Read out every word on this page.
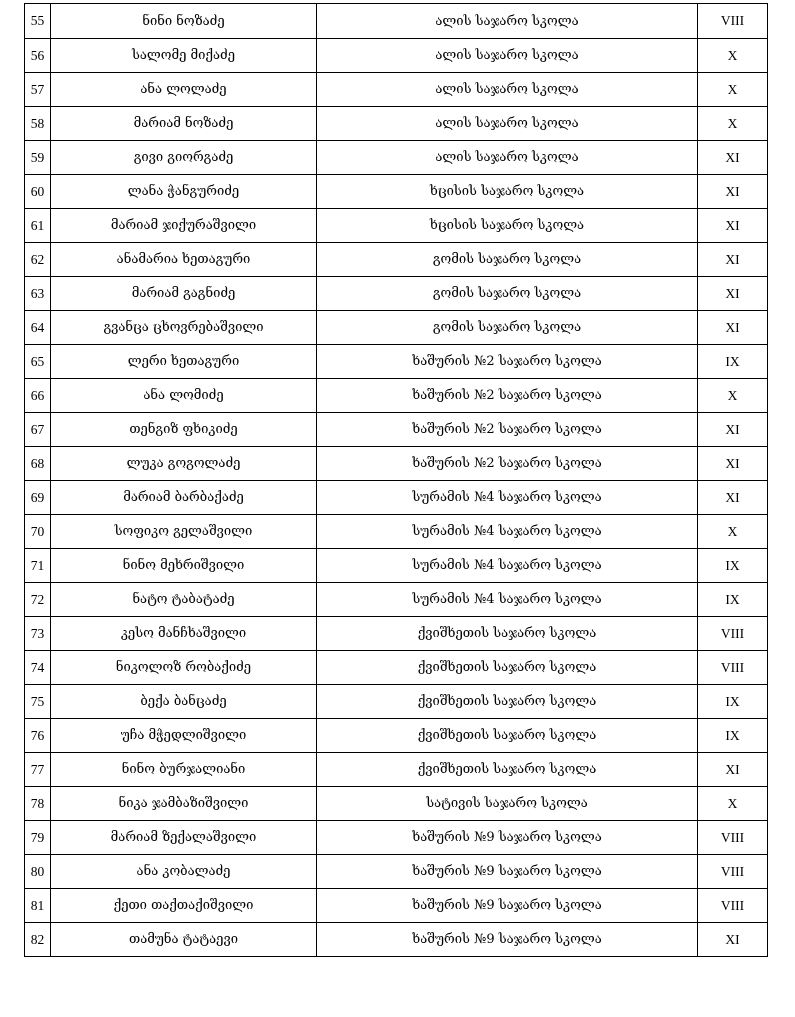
55	ნინი ნოზაძე	ალის საჯარო სკოლა	VIII
56	სალომე მიქაძე	ალის საჯარო სკოლა	X
57	ანა ლოლაძე	ალის საჯარო სკოლა	X
58	მარიამ ნოზაძე	ალის საჯარო სკოლა	X
59	გივი გიორგაძე	ალის საჯარო სკოლა	XI
60	ლანა ჭანგურიძე	ხცისის საჯარო სკოლა	XI
61	მარიამ ჯიქურაშვილი	ხცისის საჯარო სკოლა	XI
62	ანამარია ხეთაგური	გომის საჯარო სკოლა	XI
63	მარიამ გაგნიძე	გომის საჯარო სკოლა	XI
64	გვანცა ცხოვრებაშვილი	გომის საჯარო სკოლა	XI
65	ლერი ხეთაგური	ხაშურის №2 საჯარო სკოლა	IX
66	ანა ლომიძე	ხაშურის №2 საჯარო სკოლა	X
67	თენგიზ ფხიკიძე	ხაშურის №2 საჯარო სკოლა	XI
68	ლუკა გოგოლაძე	ხაშურის №2 საჯარო სკოლა	XI
69	მარიამ ბარბაქაძე	სურამის №4 საჯარო სკოლა	XI
70	სოფიკო გელაშვილი	სურამის №4 საჯარო სკოლა	X
71	ნინო მეხრიშვილი	სურამის №4 საჯარო სკოლა	IX
72	ნატო ტაბატაძე	სურამის №4 საჯარო სკოლა	IX
73	კესო მანჩხაშვილი	ქვიშხეთის საჯარო სკოლა	VIII
74	ნიკოლოზ რობაქიძე	ქვიშხეთის საჯარო სკოლა	VIII
75	ბექა ბანცაძე	ქვიშხეთის საჯარო სკოლა	IX
76	უჩა მჭედლიშვილი	ქვიშხეთის საჯარო სკოლა	IX
77	ნინო ბურჯალიანი	ქვიშხეთის საჯარო სკოლა	XI
78	ნიკა ჯამბაზიშვილი	სატივის საჯარო სკოლა	X
79	მარიამ ზექალაშვილი	ხაშურის №9 საჯარო სკოლა	VIII
80	ანა კობალაძე	ხაშურის №9 საჯარო სკოლა	VIII
81	ქეთი თაქთაქიშვილი	ხაშურის №9 საჯარო სკოლა	VIII
82	თამუნა ტატაევი	ხაშურის №9 საჯარო სკოლა	XI
